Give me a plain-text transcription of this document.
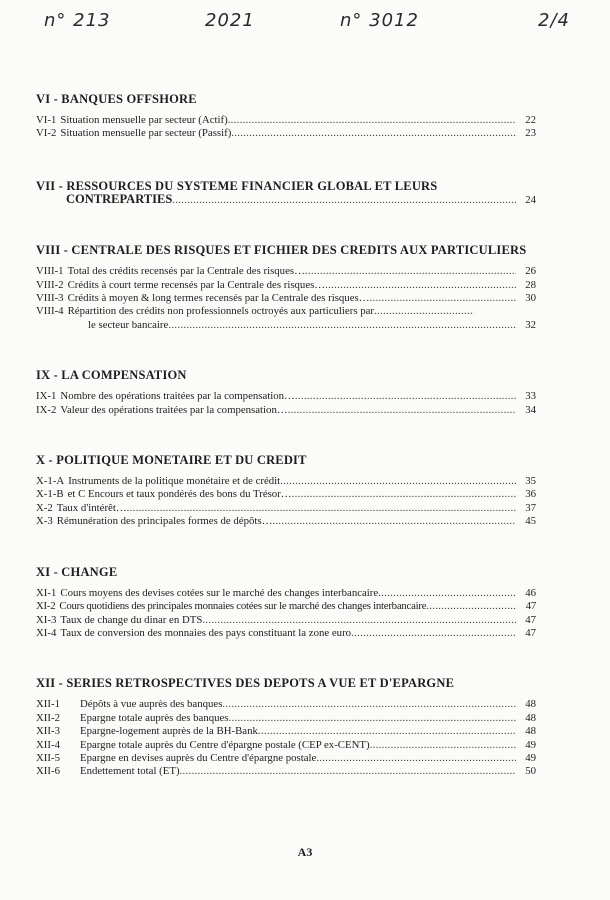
n° 213	2021	n° 3012	2/4
VI - BANQUES OFFSHORE
VI-1 Situation mensuelle par secteur (Actif) .....	22
VI-2 Situation mensuelle par secteur (Passif) .....	23
VII - RESSOURCES DU SYSTEME FINANCIER GLOBAL ET LEURS
CONTREPARTIES .....	24
VIII - CENTRALE DES RISQUES ET FICHIER DES CREDITS AUX PARTICULIERS
VIII-1 Total des crédits recensés par la Centrale des risques… .....	26
VIII-2 Crédits à court terme recensés par la Centrale des risques… .....	28
VIII-3 Crédits à moyen & long termes recensés par la Centrale des risques… .....	30
VIII-4 Répartition des crédits non professionnels octroyés aux particuliers par
.....
le secteur bancaire .....	32
IX - LA COMPENSATION
IX-1 Nombre des opérations traitées par la compensation… .....	33
IX-2 Valeur des opérations traitées par la compensation… .....	34
X - POLITIQUE MONETAIRE ET DU CREDIT
X-1-A Instruments de la politique monétaire et de crédit .....	35
X-1-B et C Encours et taux pondérés des bons du Trésor… .....	36
X-2 Taux d'intérêt… .....	37
X-3 Rémunération des principales formes de dépôts… .....	45
XI - CHANGE
XI-1 Cours moyens des devises cotées sur le marché des changes interbancaire .....	46
XI-2 Cours quotidiens des principales monnaies cotées sur le marché des changes interbancaire .....	47
XI-3 Taux de change du dinar en DTS .....	47
XI-4 Taux de conversion des monnaies des pays constituant la zone euro .....	47
XII - SERIES RETROSPECTIVES DES DEPOTS A VUE ET D'EPARGNE
XII-1	Dépôts à vue auprès des banques .....	48
XII-2	Epargne totale auprès des banques .....	48
XII-3	Epargne-logement auprès de la BH-Bank .....	48
XII-4	Epargne totale auprès du Centre d'épargne postale (CEP ex-CENT) .....	49
XII-5	Epargne en devises auprès du Centre d'épargne postale .....	49
XII-6	Endettement total (ET) .....	50
A3
